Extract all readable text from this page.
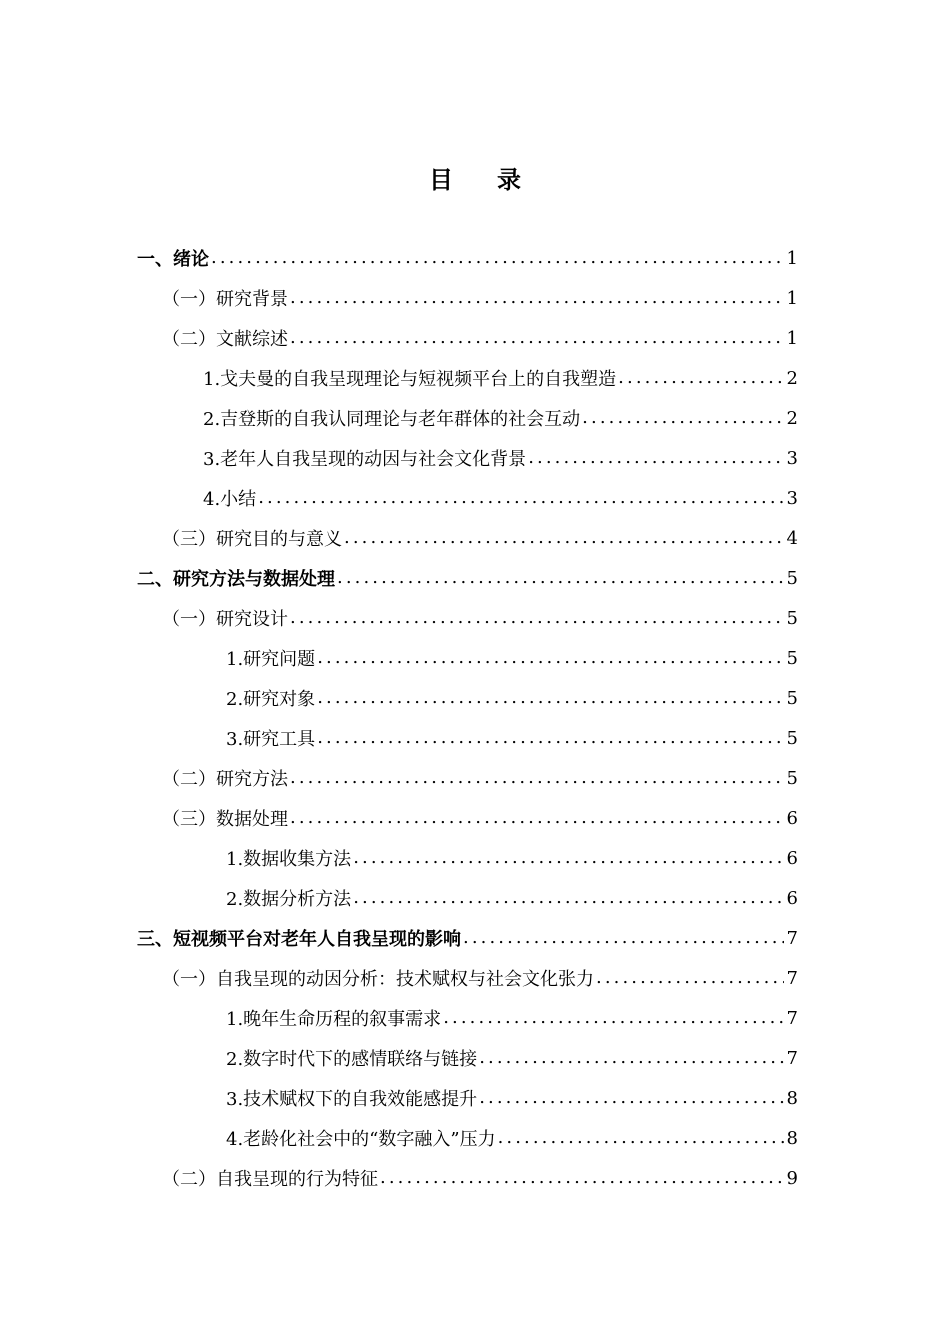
目录
一、绪论 .....	1
（一）研究背景 .....	1
（二）文献综述 .....	1
1.戈夫曼的自我呈现理论与短视频平台上的自我塑造 .....	2
2.吉登斯的自我认同理论与老年群体的社会互动 .....	2
3.老年人自我呈现的动因与社会文化背景 .....	3
4.小结 .....	3
（三）研究目的与意义 .....	4
二、研究方法与数据处理 .....	5
（一）研究设计 .....	5
1.研究问题 .....	5
2.研究对象 .....	5
3.研究工具 .....	5
（二）研究方法 .....	5
（三）数据处理 .....	6
1.数据收集方法 .....	6
2.数据分析方法 .....	6
三、短视频平台对老年人自我呈现的影响 .....	7
（一）自我呈现的动因分析：技术赋权与社会文化张力 .....	7
1.晚年生命历程的叙事需求 .....	7
2.数字时代下的感情联络与链接 .....	7
3.技术赋权下的自我效能感提升 .....	8
4.老龄化社会中的“数字融入”压力 .....	8
（二）自我呈现的行为特征 .....	9
